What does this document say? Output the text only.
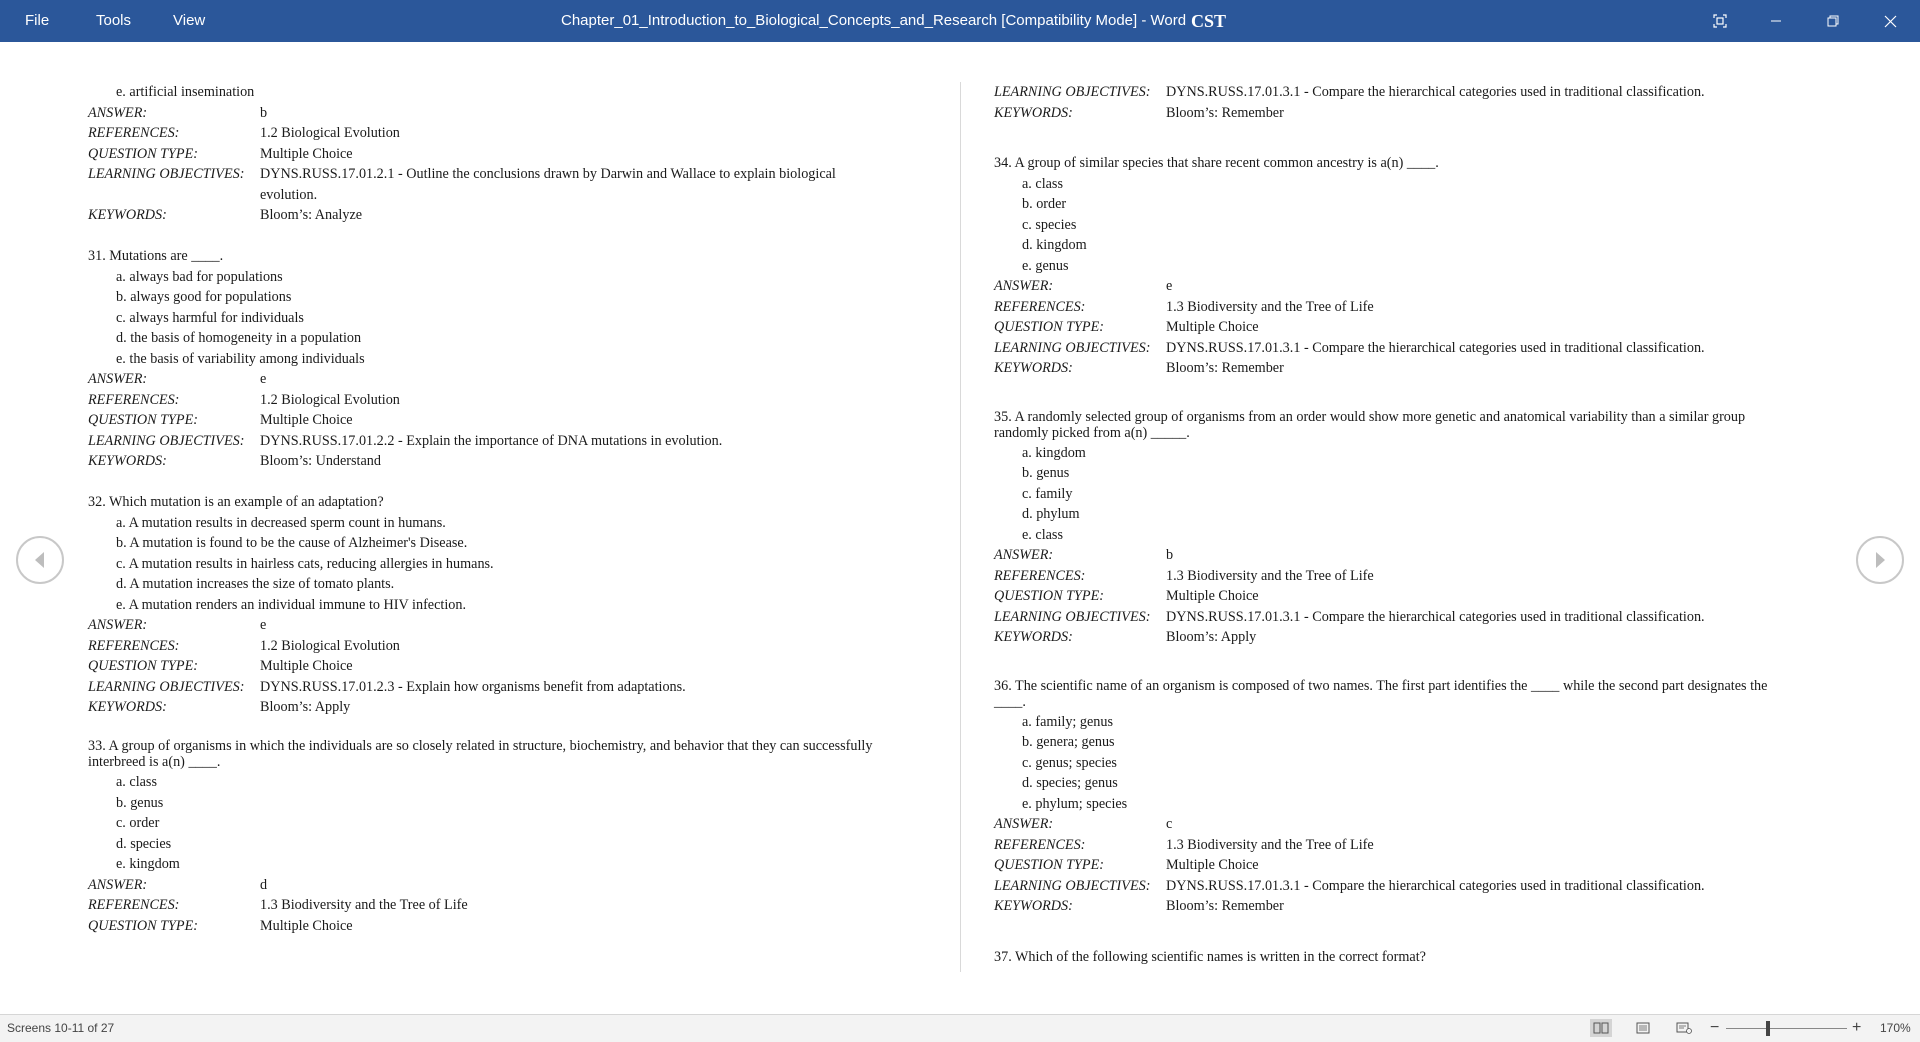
File	Tools	View	Chapter_01_Introduction_to_Biological_Concepts_and_Research [Compatibility Mode] - Word CST
e. artificial insemination
ANSWER:	b
REFERENCES:	1.2 Biological Evolution
QUESTION TYPE:	Multiple Choice
LEARNING OBJECTIVES:	DYNS.RUSS.17.01.2.1 - Outline the conclusions drawn by Darwin and Wallace to explain biological
evolution.
KEYWORDS:	Bloom’s: Analyze
31. Mutations are ____.
a. always bad for populations
b. always good for populations
c. always harmful for individuals
d. the basis of homogeneity in a population
e. the basis of variability among individuals
ANSWER:	e
REFERENCES:	1.2 Biological Evolution
QUESTION TYPE:	Multiple Choice
LEARNING OBJECTIVES:	DYNS.RUSS.17.01.2.2 - Explain the importance of DNA mutations in evolution.
KEYWORDS:	Bloom’s: Understand
32. Which mutation is an example of an adaptation?
a. A mutation results in decreased sperm count in humans.
b. A mutation is found to be the cause of Alzheimer's Disease.
c. A mutation results in hairless cats, reducing allergies in humans.
d. A mutation increases the size of tomato plants.
e. A mutation renders an individual immune to HIV infection.
ANSWER:	e
REFERENCES:	1.2 Biological Evolution
QUESTION TYPE:	Multiple Choice
LEARNING OBJECTIVES:	DYNS.RUSS.17.01.2.3 - Explain how organisms benefit from adaptations.
KEYWORDS:	Bloom’s: Apply
33. A group of organisms in which the individuals are so closely related in structure, biochemistry, and behavior that they can successfully
interbreed is a(n) ____.
a. class
b. genus
c. order
d. species
e. kingdom
ANSWER:	d
REFERENCES:	1.3 Biodiversity and the Tree of Life
QUESTION TYPE:	Multiple Choice
LEARNING OBJECTIVES:	DYNS.RUSS.17.01.3.1 - Compare the hierarchical categories used in traditional classification.
KEYWORDS:	Bloom’s: Remember
34. A group of similar species that share recent common ancestry is a(n) ____.
a. class
b. order
c. species
d. kingdom
e. genus
ANSWER:	e
REFERENCES:	1.3 Biodiversity and the Tree of Life
QUESTION TYPE:	Multiple Choice
LEARNING OBJECTIVES:	DYNS.RUSS.17.01.3.1 - Compare the hierarchical categories used in traditional classification.
KEYWORDS:	Bloom’s: Remember
35. A randomly selected group of organisms from an order would show more genetic and anatomical variability than a similar group
randomly picked from a(n) _____.
a. kingdom
b. genus
c. family
d. phylum
e. class
ANSWER:	b
REFERENCES:	1.3 Biodiversity and the Tree of Life
QUESTION TYPE:	Multiple Choice
LEARNING OBJECTIVES:	DYNS.RUSS.17.01.3.1 - Compare the hierarchical categories used in traditional classification.
KEYWORDS:	Bloom’s: Apply
36. The scientific name of an organism is composed of two names. The first part identifies the ____ while the second part designates the
____.
a. family; genus
b. genera; genus
c. genus; species
d. species; genus
e. phylum; species
ANSWER:	c
REFERENCES:	1.3 Biodiversity and the Tree of Life
QUESTION TYPE:	Multiple Choice
LEARNING OBJECTIVES:	DYNS.RUSS.17.01.3.1 - Compare the hierarchical categories used in traditional classification.
KEYWORDS:	Bloom’s: Remember
37. Which of the following scientific names is written in the correct format?
Screens 10-11 of 27	−	+ 170%
